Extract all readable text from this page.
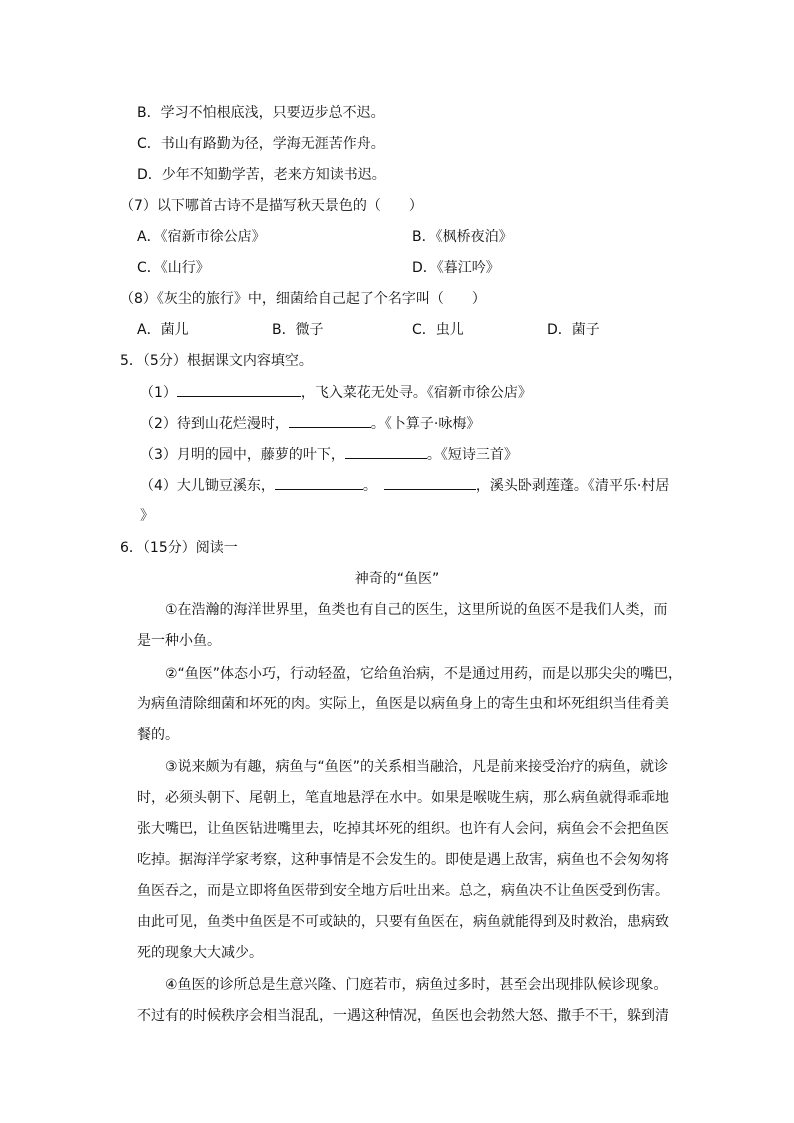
B．学习不怕根底浅，只要迈步总不迟。
C．书山有路勤为径，学海无涯苦作舟。
D．少年不知勤学苦，老来方知读书迟。
（7）以下哪首古诗不是描写秋天景色的（　　）
A．《宿新市徐公店》	B．《枫桥夜泊》
C．《山行》	D．《暮江吟》
（8）《灰尘的旅行》中，细菌给自己起了个名字叫（　　）
A．菌儿	B．微子	C．虫儿	D．菌子
5．（5分）根据课文内容填空。
（1）	，飞入菜花无处寻。《宿新市徐公店》
（2）待到山花烂漫时，	。《卜算子·咏梅》
（3）月明的园中，藤萝的叶下，	。《短诗三首》
（4）大儿锄豆溪东，	。　	，溪头卧剥莲蓬。《清平乐·村居
》
6．（15分）阅读一
神奇的“鱼医”
①在浩瀚的海洋世界里，鱼类也有自己的医生，这里所说的鱼医不是我们人类，而
是一种小鱼。
②“鱼医”体态小巧，行动轻盈，它给鱼治病，不是通过用药，而是以那尖尖的嘴巴，
为病鱼清除细菌和坏死的肉。实际上，鱼医是以病鱼身上的寄生虫和坏死组织当佳肴美
餐的。
③说来颇为有趣，病鱼与“鱼医”的关系相当融洽，凡是前来接受治疗的病鱼，就诊
时，必须头朝下、尾朝上，笔直地悬浮在水中。如果是喉咙生病，那么病鱼就得乖乖地
张大嘴巴，让鱼医钻进嘴里去，吃掉其坏死的组织。也许有人会问，病鱼会不会把鱼医
吃掉。据海洋学家考察，这种事情是不会发生的。即使是遇上敌害，病鱼也不会匆匆将
鱼医吞之，而是立即将鱼医带到安全地方后吐出来。总之，病鱼决不让鱼医受到伤害。
由此可见，鱼类中鱼医是不可或缺的，只要有鱼医在，病鱼就能得到及时救治，患病致
死的现象大大减少。
④鱼医的诊所总是生意兴隆、门庭若市，病鱼过多时，甚至会出现排队候诊现象。
不过有的时候秩序会相当混乱，一遇这种情况，鱼医也会勃然大怒、撒手不干，躲到清
